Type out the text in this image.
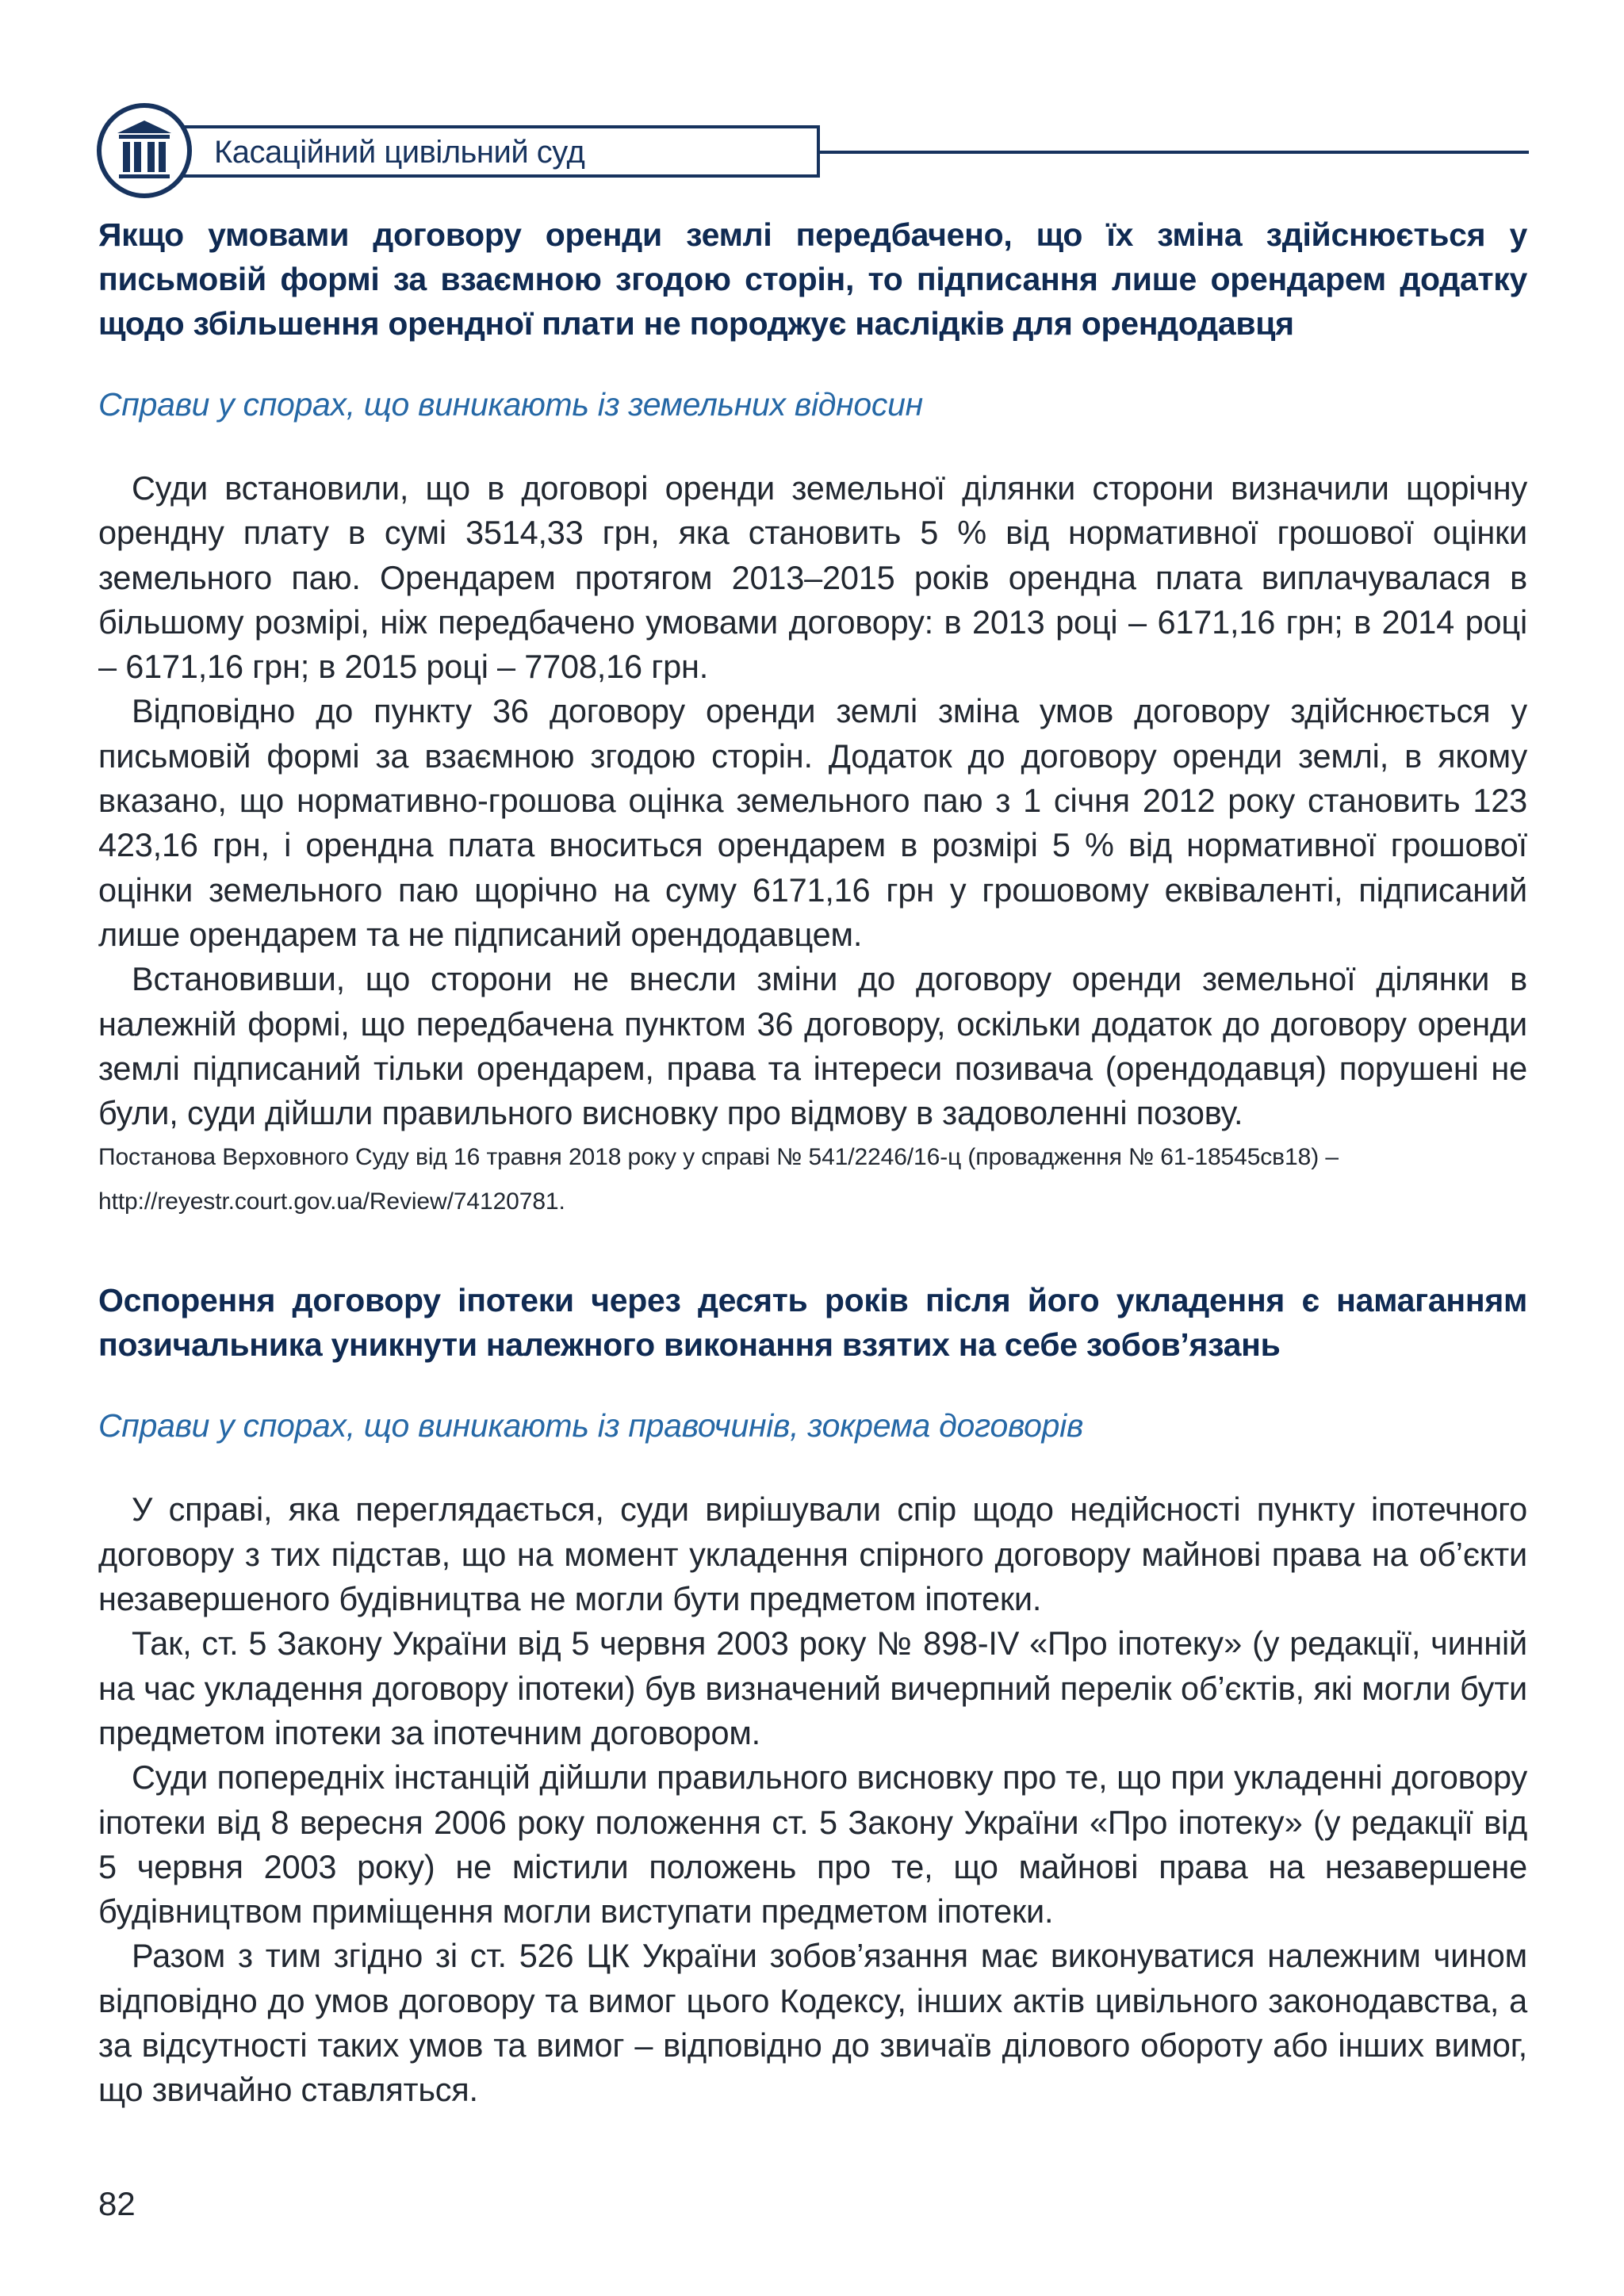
Касаційний цивільний суд
Якщо умовами договору оренди землі передбачено, що їх зміна здійснюється у письмовій формі за взаємною згодою сторін, то підписання лише орендарем додатку щодо збільшення орендної плати не породжує наслідків для орендодавця

Справи у спорах, що виникають із земельних відносин

Суди встановили, що в договорі оренди земельної ділянки сторони визначили щорічну орендну плату в сумі 3514,33 грн, яка становить 5 % від нормативної грошової оцінки земельного паю. Орендарем протягом 2013–2015 років орендна плата виплачувалася в більшому розмірі, ніж передбачено умовами договору: в 2013 році – 6171,16 грн; в 2014 році – 6171,16 грн; в 2015 році – 7708,16 грн.

Відповідно до пункту 36 договору оренди землі зміна умов договору здійснюється у письмовій формі за взаємною згодою сторін. Додаток до договору оренди землі, в якому вказано, що нормативно-грошова оцінка земельного паю з 1 січня 2012 року становить 123 423,16 грн, і орендна плата вноситься орендарем в розмірі 5 % від нормативної грошової оцінки земельного паю щорічно на суму 6171,16 грн у грошовому еквіваленті, підписаний лише орендарем та не підписаний орендодавцем.

Встановивши, що сторони не внесли зміни до договору оренди земельної ділянки в належній формі, що передбачена пунктом 36 договору, оскільки додаток до договору оренди землі підписаний тільки орендарем, права та інтереси позивача (орендодавця) порушені не були, суди дійшли правильного висновку про відмову в задоволенні позову.

Постанова Верховного Суду від 16 травня 2018 року у справі № 541/2246/16-ц (провадження № 61-18545св18) – http://reyestr.court.gov.ua/Review/74120781.

Оспорення договору іпотеки через десять років після його укладення є намаганням позичальника уникнути належного виконання взятих на себе зобов’язань

Справи у спорах, що виникають із правочинів, зокрема договорів

У справі, яка переглядається, суди вирішували спір щодо недійсності пункту іпотечного договору з тих підстав, що на момент укладення спірного договору майнові права на об’єкти незавершеного будівництва не могли бути предметом іпотеки.

Так, ст. 5 Закону України від 5 червня 2003 року № 898-IV «Про іпотеку» (у редакції, чинній на час укладення договору іпотеки) був визначений вичерпний перелік об’єктів, які могли бути предметом іпотеки за іпотечним договором.

Суди попередніх інстанцій дійшли правильного висновку про те, що при укладенні договору іпотеки від 8 вересня 2006 року положення ст. 5 Закону України «Про іпотеку» (у редакції від 5 червня 2003 року) не містили положень про те, що майнові права на незавершене будівництвом приміщення могли виступати предметом іпотеки.

Разом з тим згідно зі ст. 526 ЦК України зобов’язання має виконуватися належним чином відповідно до умов договору та вимог цього Кодексу, інших актів цивільного законодавства, а за відсутності таких умов та вимог – відповідно до звичаїв ділового обороту або інших вимог, що звичайно ставляться.

82
